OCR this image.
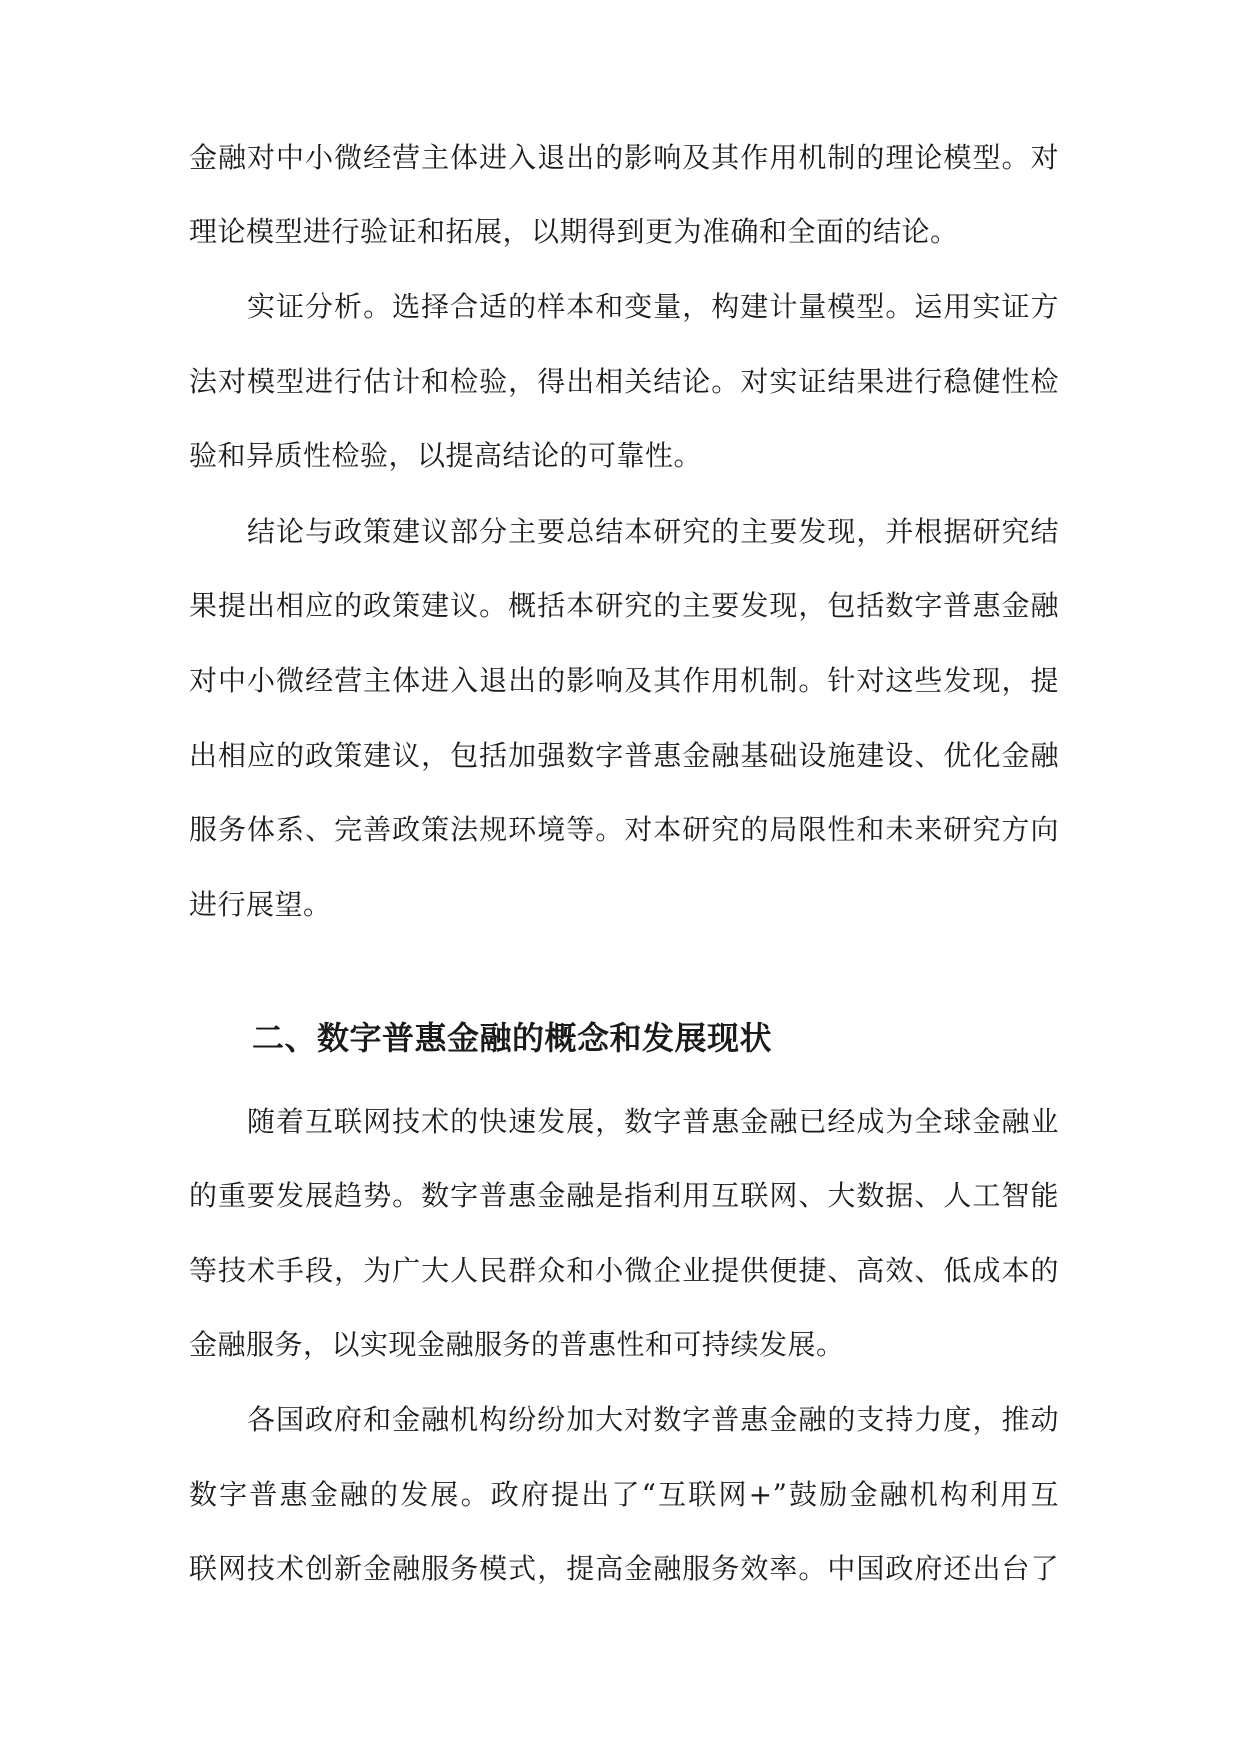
金融对中小微经营主体进入退出的影响及其作用机制的理论模型。对
理论模型进行验证和拓展，以期得到更为准确和全面的结论。
实证分析。选择合适的样本和变量，构建计量模型。运用实证方
法对模型进行估计和检验，得出相关结论。对实证结果进行稳健性检
验和异质性检验，以提高结论的可靠性。
结论与政策建议部分主要总结本研究的主要发现，并根据研究结
果提出相应的政策建议。概括本研究的主要发现，包括数字普惠金融
对中小微经营主体进入退出的影响及其作用机制。针对这些发现，提
出相应的政策建议，包括加强数字普惠金融基础设施建设、优化金融
服务体系、完善政策法规环境等。对本研究的局限性和未来研究方向
进行展望。
二、数字普惠金融的概念和发展现状
随着互联网技术的快速发展，数字普惠金融已经成为全球金融业
的重要发展趋势。数字普惠金融是指利用互联网、大数据、人工智能
等技术手段，为广大人民群众和小微企业提供便捷、高效、低成本的
金融服务，以实现金融服务的普惠性和可持续发展。
各国政府和金融机构纷纷加大对数字普惠金融的支持力度，推动
数字普惠金融的发展。政府提出了“互联网+”鼓励金融机构利用互
联网技术创新金融服务模式，提高金融服务效率。中国政府还出台了
